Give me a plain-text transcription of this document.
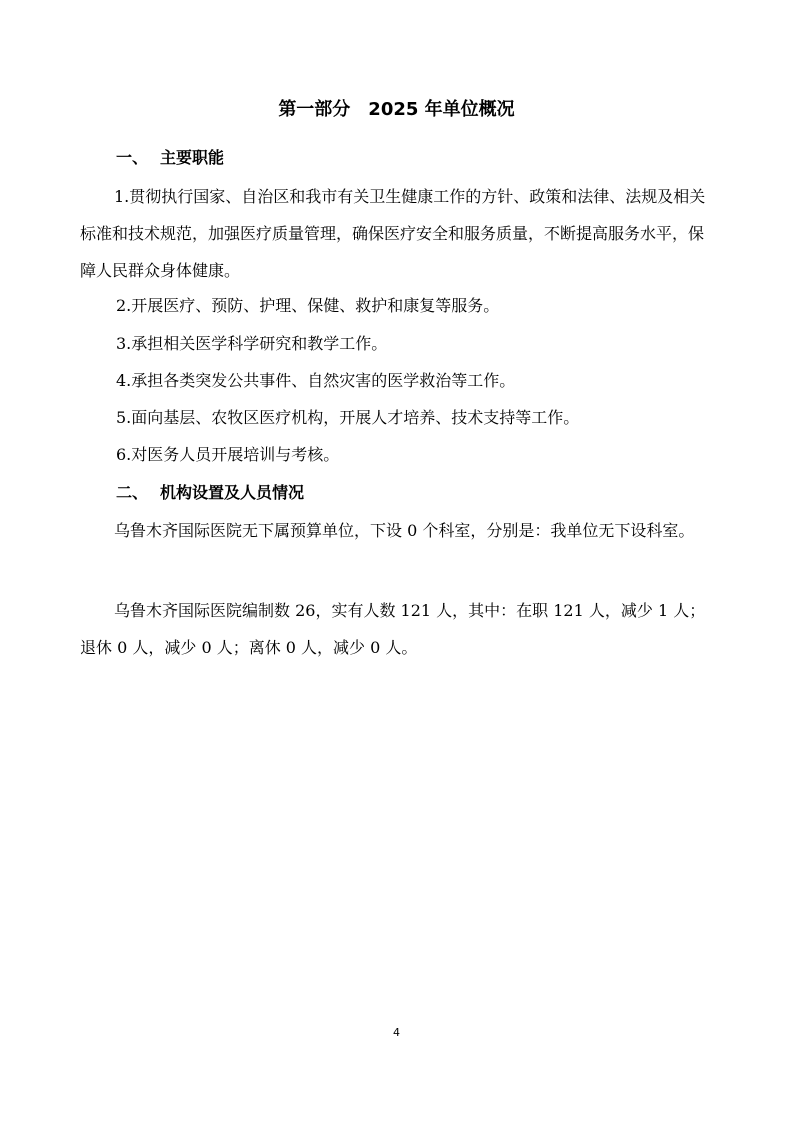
第一部分　2025 年单位概况
一、 主要职能

1.贯彻执行国家、自治区和我市有关卫生健康工作的方针、政策和法律、法规及相关标准和技术规范，加强医疗质量管理，确保医疗安全和服务质量，不断提高服务水平，保障人民群众身体健康。

2.开展医疗、预防、护理、保健、救护和康复等服务。

3.承担相关医学科学研究和教学工作。

4.承担各类突发公共事件、自然灾害的医学救治等工作。

5.面向基层、农牧区医疗机构，开展人才培养、技术支持等工作。

6.对医务人员开展培训与考核。

二、 机构设置及人员情况

乌鲁木齐国际医院无下属预算单位，下设 0 个科室，分别是：我单位无下设科室。

乌鲁木齐国际医院编制数 26，实有人数 121 人，其中：在职 121 人，减少 1 人；退休 0 人，减少 0 人；离休 0 人，减少 0 人。

4
